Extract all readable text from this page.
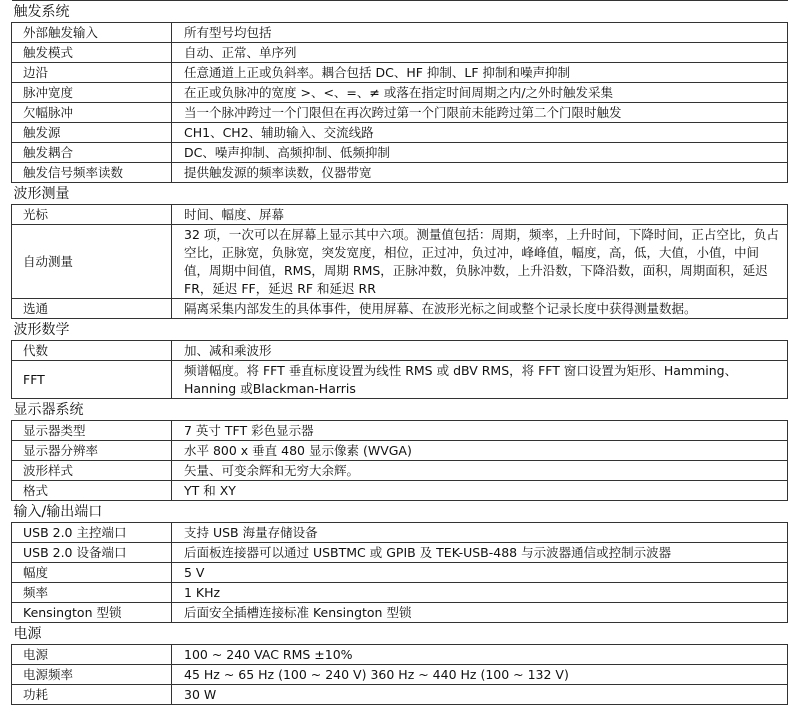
触发系统	
外部触发输入	所有型号均包括
触发模式	自动、正常、单序列
边沿	任意通道上正或负斜率。耦合包括 DC、HF 抑制、LF 抑制和噪声抑制
脉冲宽度	在正或负脉冲的宽度 >、<、=、≠ 或落在指定时间周期之内/之外时触发采集
欠幅脉冲	当一个脉冲跨过一个门限但在再次跨过第一个门限前未能跨过第二个门限时触发
触发源	CH1、CH2、辅助输入、交流线路
触发耦合	DC、噪声抑制、高频抑制、低频抑制
触发信号频率读数	提供触发源的频率读数，仪器带宽
波形测量	
光标	时间、幅度、屏幕
自动测量	32 项，一次可以在屏幕上显示其中六项。测量值包括：周期，频率，上升时间，下降时间，正占空比，负占空比，正脉宽，负脉宽，突发宽度，相位，正过冲，负过冲，峰峰值，幅度，高，低，大值，小值，中间值，周期中间值，RMS，周期 RMS，正脉冲数，负脉冲数，上升沿数，下降沿数，面积，周期面积，延迟 FR，延迟 FF，延迟 RF 和延迟 RR
选通	隔离采集内部发生的具体事件，使用屏幕、在波形光标之间或整个记录长度中获得测量数据。
波形数学	
代数	加、减和乘波形
FFT	频谱幅度。将 FFT 垂直标度设置为线性 RMS 或 dBV RMS，将 FFT 窗口设置为矩形、Hamming、Hanning 或Blackman-Harris
显示器系统	
显示器类型	7 英寸 TFT 彩色显示器
显示器分辨率	水平 800 x 垂直 480 显示像素 (WVGA)
波形样式	矢量、可变余辉和无穷大余辉。
格式	YT 和 XY
输入/输出端口	
USB 2.0 主控端口	支持 USB 海量存储设备
USB 2.0 设备端口	后面板连接器可以通过 USBTMC 或 GPIB 及 TEK-USB-488 与示波器通信或控制示波器
幅度	5 V
频率	1 KHz
Kensington 型锁	后面安全插槽连接标准 Kensington 型锁
电源	
电源	100 ~ 240 VAC RMS ±10%
电源频率	45 Hz ~ 65 Hz (100 ~ 240 V) 360 Hz ~ 440 Hz (100 ~ 132 V)
功耗	30 W
